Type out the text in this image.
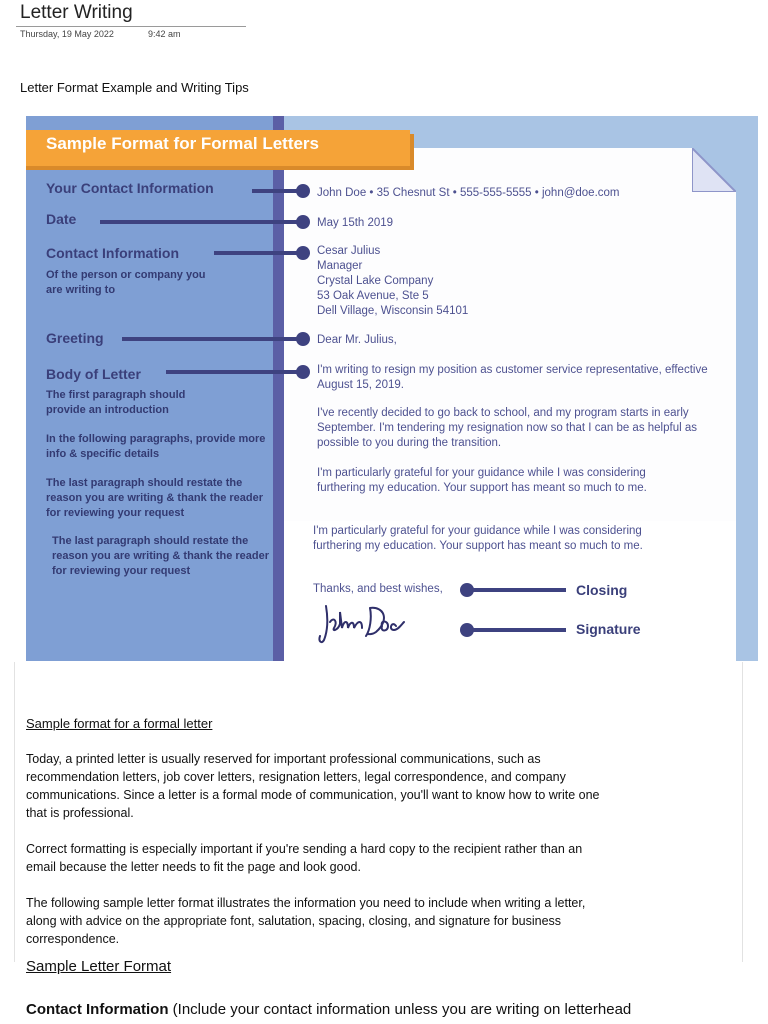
Letter Writing
Thursday, 19 May 2022	9:42 am
Letter Format Example and Writing Tips
Sample Format for Formal Letters
Your Contact Information	John Doe • 35 Chesnut St • 555-555-5555 • john@doe.com
Date	May 15th 2019
Contact Information
Of the person or company you are writing to
Cesar Julius
Manager
Crystal Lake Company
53 Oak Avenue, Ste 5
Dell Village, Wisconsin 54101
Greeting	Dear Mr. Julius,
Body of Letter
The first paragraph should provide an introduction
In the following paragraphs, provide more info & specific details
The last paragraph should restate the reason you are writing & thank the reader for reviewing your request
I'm writing to resign my position as customer service representative, effective August 15, 2019.
I've recently decided to go back to school, and my program starts in early September. I'm tendering my resignation now so that I can be as helpful as possible to you during the transition.
I'm particularly grateful for your guidance while I was considering furthering my education. Your support has meant so much to me.
The last paragraph should restate the reason you are writing & thank the reader for reviewing your request
I'm particularly grateful for your guidance while I was considering furthering my education. Your support has meant so much to me.
Thanks, and best wishes,	Closing
Signature
Sample format for a formal letter
Today, a printed letter is usually reserved for important professional communications, such as recommendation letters, job cover letters, resignation letters, legal correspondence, and company communications. Since a letter is a formal mode of communication, you'll want to know how to write one that is professional.
Correct formatting is especially important if you're sending a hard copy to the recipient rather than an email because the letter needs to fit the page and look good.
The following sample letter format illustrates the information you need to include when writing a letter, along with advice on the appropriate font, salutation, spacing, closing, and signature for business correspondence.
Sample Letter Format
Contact Information (Include your contact information unless you are writing on letterhead
